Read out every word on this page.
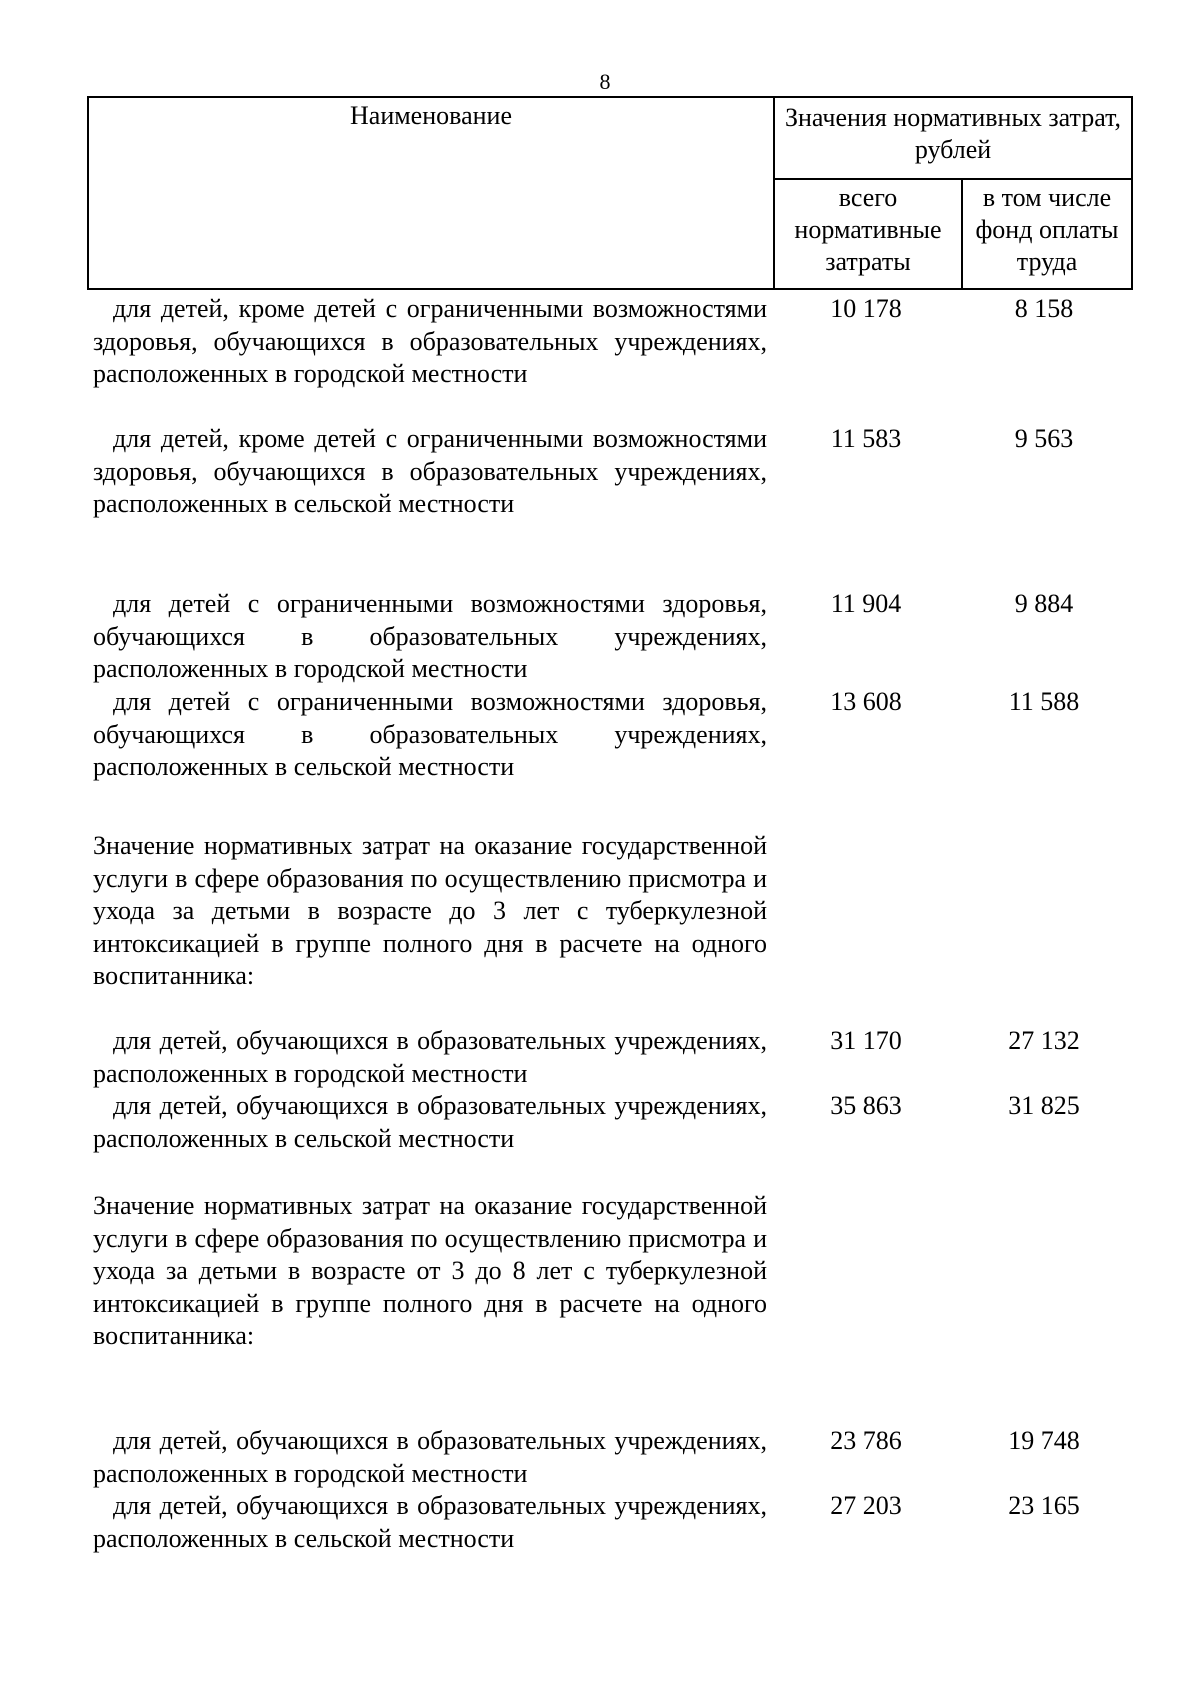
8
Наименование	Значения нормативных затрат, рублей
всего нормативные затраты
в том числе фонд оплаты труда
для детей, кроме детей с ограниченными возможностями здоровья, обучающихся в образовательных учреждениях, расположенных в городской местности
10 178	8 158
для детей, кроме детей с ограниченными возможностями здоровья, обучающихся в образовательных учреждениях, расположенных в сельской местности
11 583	9 563
для детей с ограниченными возможностями здоровья, обучающихся в образовательных учреждениях, расположенных в городской местности
11 904	9 884
для детей с ограниченными возможностями здоровья, обучающихся в образовательных учреждениях, расположенных в сельской местности
13 608	11 588
Значение нормативных затрат на оказание государственной услуги в сфере образования по осуществлению присмотра и ухода за детьми в возрасте до 3 лет с туберкулезной интоксикацией в группе полного дня в расчете на одного воспитанника:
для детей, обучающихся в образовательных учреждениях, расположенных в городской местности
31 170	27 132
для детей, обучающихся в образовательных учреждениях, расположенных в сельской местности
35 863	31 825
Значение нормативных затрат на оказание государственной услуги в сфере образования по осуществлению присмотра и ухода за детьми в возрасте от 3 до 8 лет с туберкулезной интоксикацией в группе полного дня в расчете на одного воспитанника:
для детей, обучающихся в образовательных учреждениях, расположенных в городской местности
23 786	19 748
для детей, обучающихся в образовательных учреждениях, расположенных в сельской местности
27 203	23 165
